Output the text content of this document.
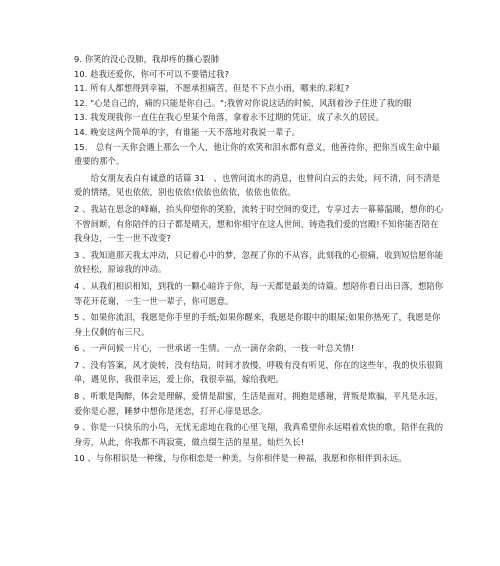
9. 你笑的没心没肺，我却疼的撕心裂肺
10. 趁我还爱你，你可不可以不要错过我?
11. 所有人都想得到幸福，不愿承担痛苦，但是不下点小雨，哪来的.彩虹?
12. "心是自己的，痛的只能是你自己。";我曾对你说这话的时候，风刮着沙子住进了我的眼
13. 我发现我你一直住在我心里某个角落，拿着永不过期的凭证，成了永久的居民。
14. 晚安这两个简单的字，有谁能一天不落地对我说一辈子。
15.　总有一天你会遇上那么一个人，他让你的欢笑和泪水都有意义，他善待你，把你当成生命中最重要的那个。
　　给女朋友表白有诚意的话篇 31　、也曾问流水的消息，也曾问白云的去处，问不清，问不清是爱的情绪，见也依依，别也依依!依依也依依，依依也依依。
2 、我站在思念的峰巅，抬头仰望你的笑脸，流转于时空间的变迁，专享过去一幕幕温暖，想你的心不曾间断，有你陪伴的日子都是晴天，想和你相守在这人世间，铸造我们爱的宫殿!不知你能否陪在我身边，一生一世不改变?
3 、我知道那天我太冲动，只记着心中的梦，忽视了你的不从容，此刻我的心很痛，收到短信愿你能放轻松，原谅我的冲动。
4 、从我们相识相知，到我的一颗心暗许于你，每一天都是最美的诗篇。想陪你看日出日落，想陪你等花开花谢，一生一世一辈子，你可愿意。
5 、如果你流泪，我愿是你手里的手纸;如果你醒来，我愿是你眼中的眼屎;如果你热死了，我愿是你身上仅剩的布三尺。
6 、一声问候一片心，一世承诺一生情。一点一滴存余韵，一枝一叶总关情!
7 、没有答案，风才旋转，没有结局，时间才放慢，呼吸有没有听见，你在的这些年，我的快乐很简单，遇见你，我很幸运，爱上你，我很幸福，嫁给我吧。
8 、听歌是陶醉，体会是理解，爱情是甜蜜，生活是面对，拥抱是感谢，背叛是欺骗，平凡是永远，爱你是心愿，睡梦中想你是迷恋，打开心扉是思念。
9 、你是一只快乐的小鸟，无忧无虑地在我的心里飞翔，我真希望你永远唱着欢快的歌，陪伴在我的身旁，从此，你我都不再寂寞，做点缀生活的星星，灿烂久长!
10 、与你相识是一种缘，与你相恋是一种美，与你相伴是一种福，我愿和你相伴到永远。
